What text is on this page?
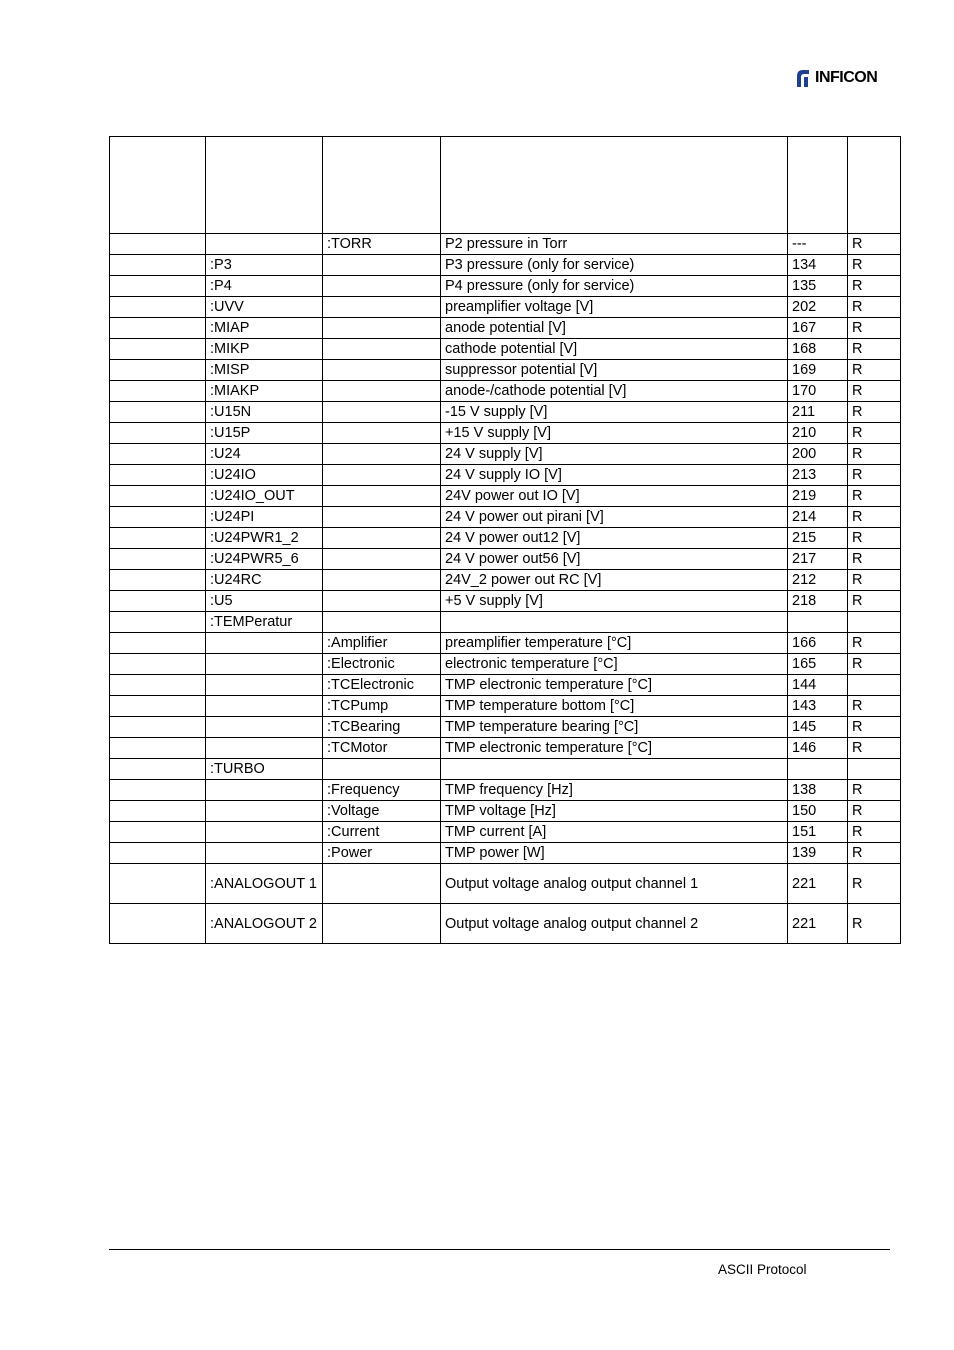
INFICON

		:TORR	P2 pressure in Torr	---	R
	:P3		P3 pressure (only for service)	134	R
	:P4		P4 pressure (only for service)	135	R
	:UVV		preamplifier voltage [V]	202	R
	:MIAP		anode potential [V]	167	R
	:MIKP		cathode potential [V]	168	R
	:MISP		suppressor potential [V]	169	R
	:MIAKP		anode-/cathode potential [V]	170	R
	:U15N		-15 V supply [V]	211	R
	:U15P		+15 V supply [V]	210	R
	:U24		24 V supply [V]	200	R
	:U24IO		24 V supply IO [V]	213	R
	:U24IO_OUT		24V power out IO [V]	219	R
	:U24PI		24 V power out pirani [V]	214	R
	:U24PWR1_2		24 V power out12 [V]	215	R
	:U24PWR5_6		24 V power out56 [V]	217	R
	:U24RC		24V_2 power out RC [V]	212	R
	:U5		+5 V supply [V]	218	R
	:TEMPeratur				
		:Amplifier	preamplifier temperature [°C]	166	R
		:Electronic	electronic temperature [°C]	165	R
		:TCElectronic	TMP electronic temperature [°C]	144	
		:TCPump	TMP temperature bottom [°C]	143	R
		:TCBearing	TMP temperature bearing [°C]	145	R
		:TCMotor	TMP electronic temperature [°C]	146	R
	:TURBO				
		:Frequency	TMP frequency [Hz]	138	R
		:Voltage	TMP voltage [Hz]	150	R
		:Current	TMP current [A]	151	R
		:Power	TMP power [W]	139	R
	:ANALOGOUT 1		Output voltage analog output channel 1	221	R
	:ANALOGOUT 2		Output voltage analog output channel 2	221	R
ASCII Protocol
